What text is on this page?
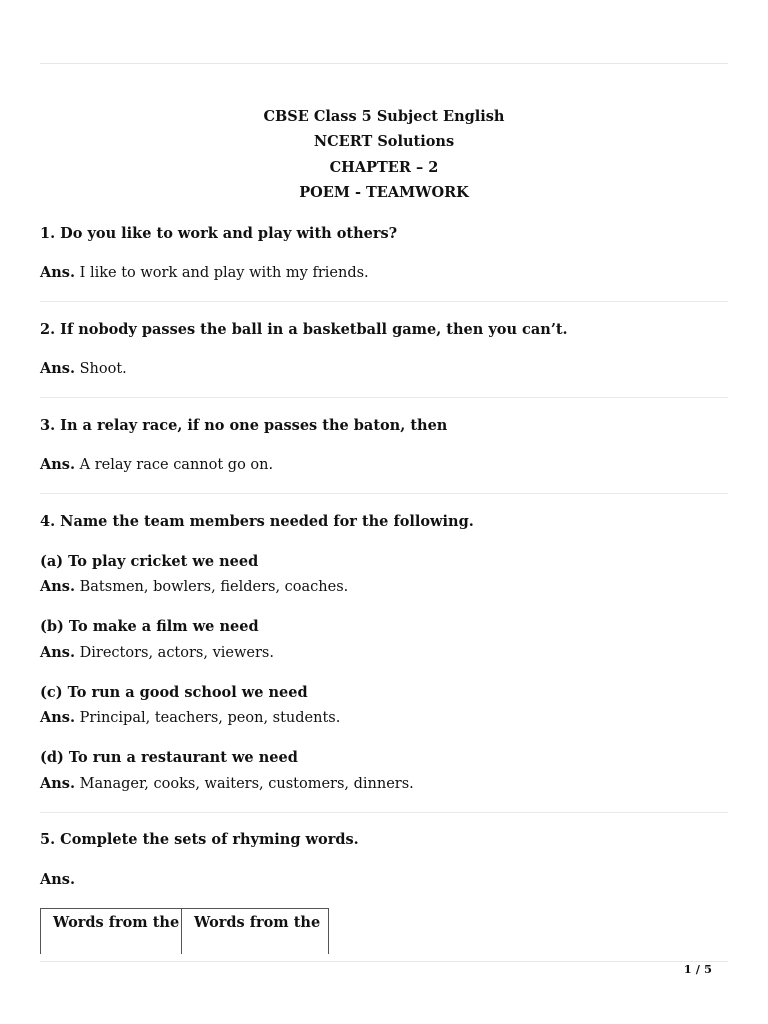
CBSE Class 5 Subject English
NCERT Solutions
CHAPTER – 2
POEM - TEAMWORK
1. Do you like to work and play with others?
Ans. I like to work and play with my friends.
2. If nobody passes the ball in a basketball game, then you can’t.
Ans. Shoot.
3. In a relay race, if no one passes the baton, then
Ans. A relay race cannot go on.
4. Name the team members needed for the following.
(a) To play cricket we need
Ans. Batsmen, bowlers, fielders, coaches.
(b) To make a film we need
Ans. Directors, actors, viewers.
(c) To run a good school we need
Ans. Principal, teachers, peon, students.
(d) To run a restaurant we need
Ans. Manager, cooks, waiters, customers, dinners.
5. Complete the sets of rhyming words.
Ans.
Words from the	Words from the
1 / 5
